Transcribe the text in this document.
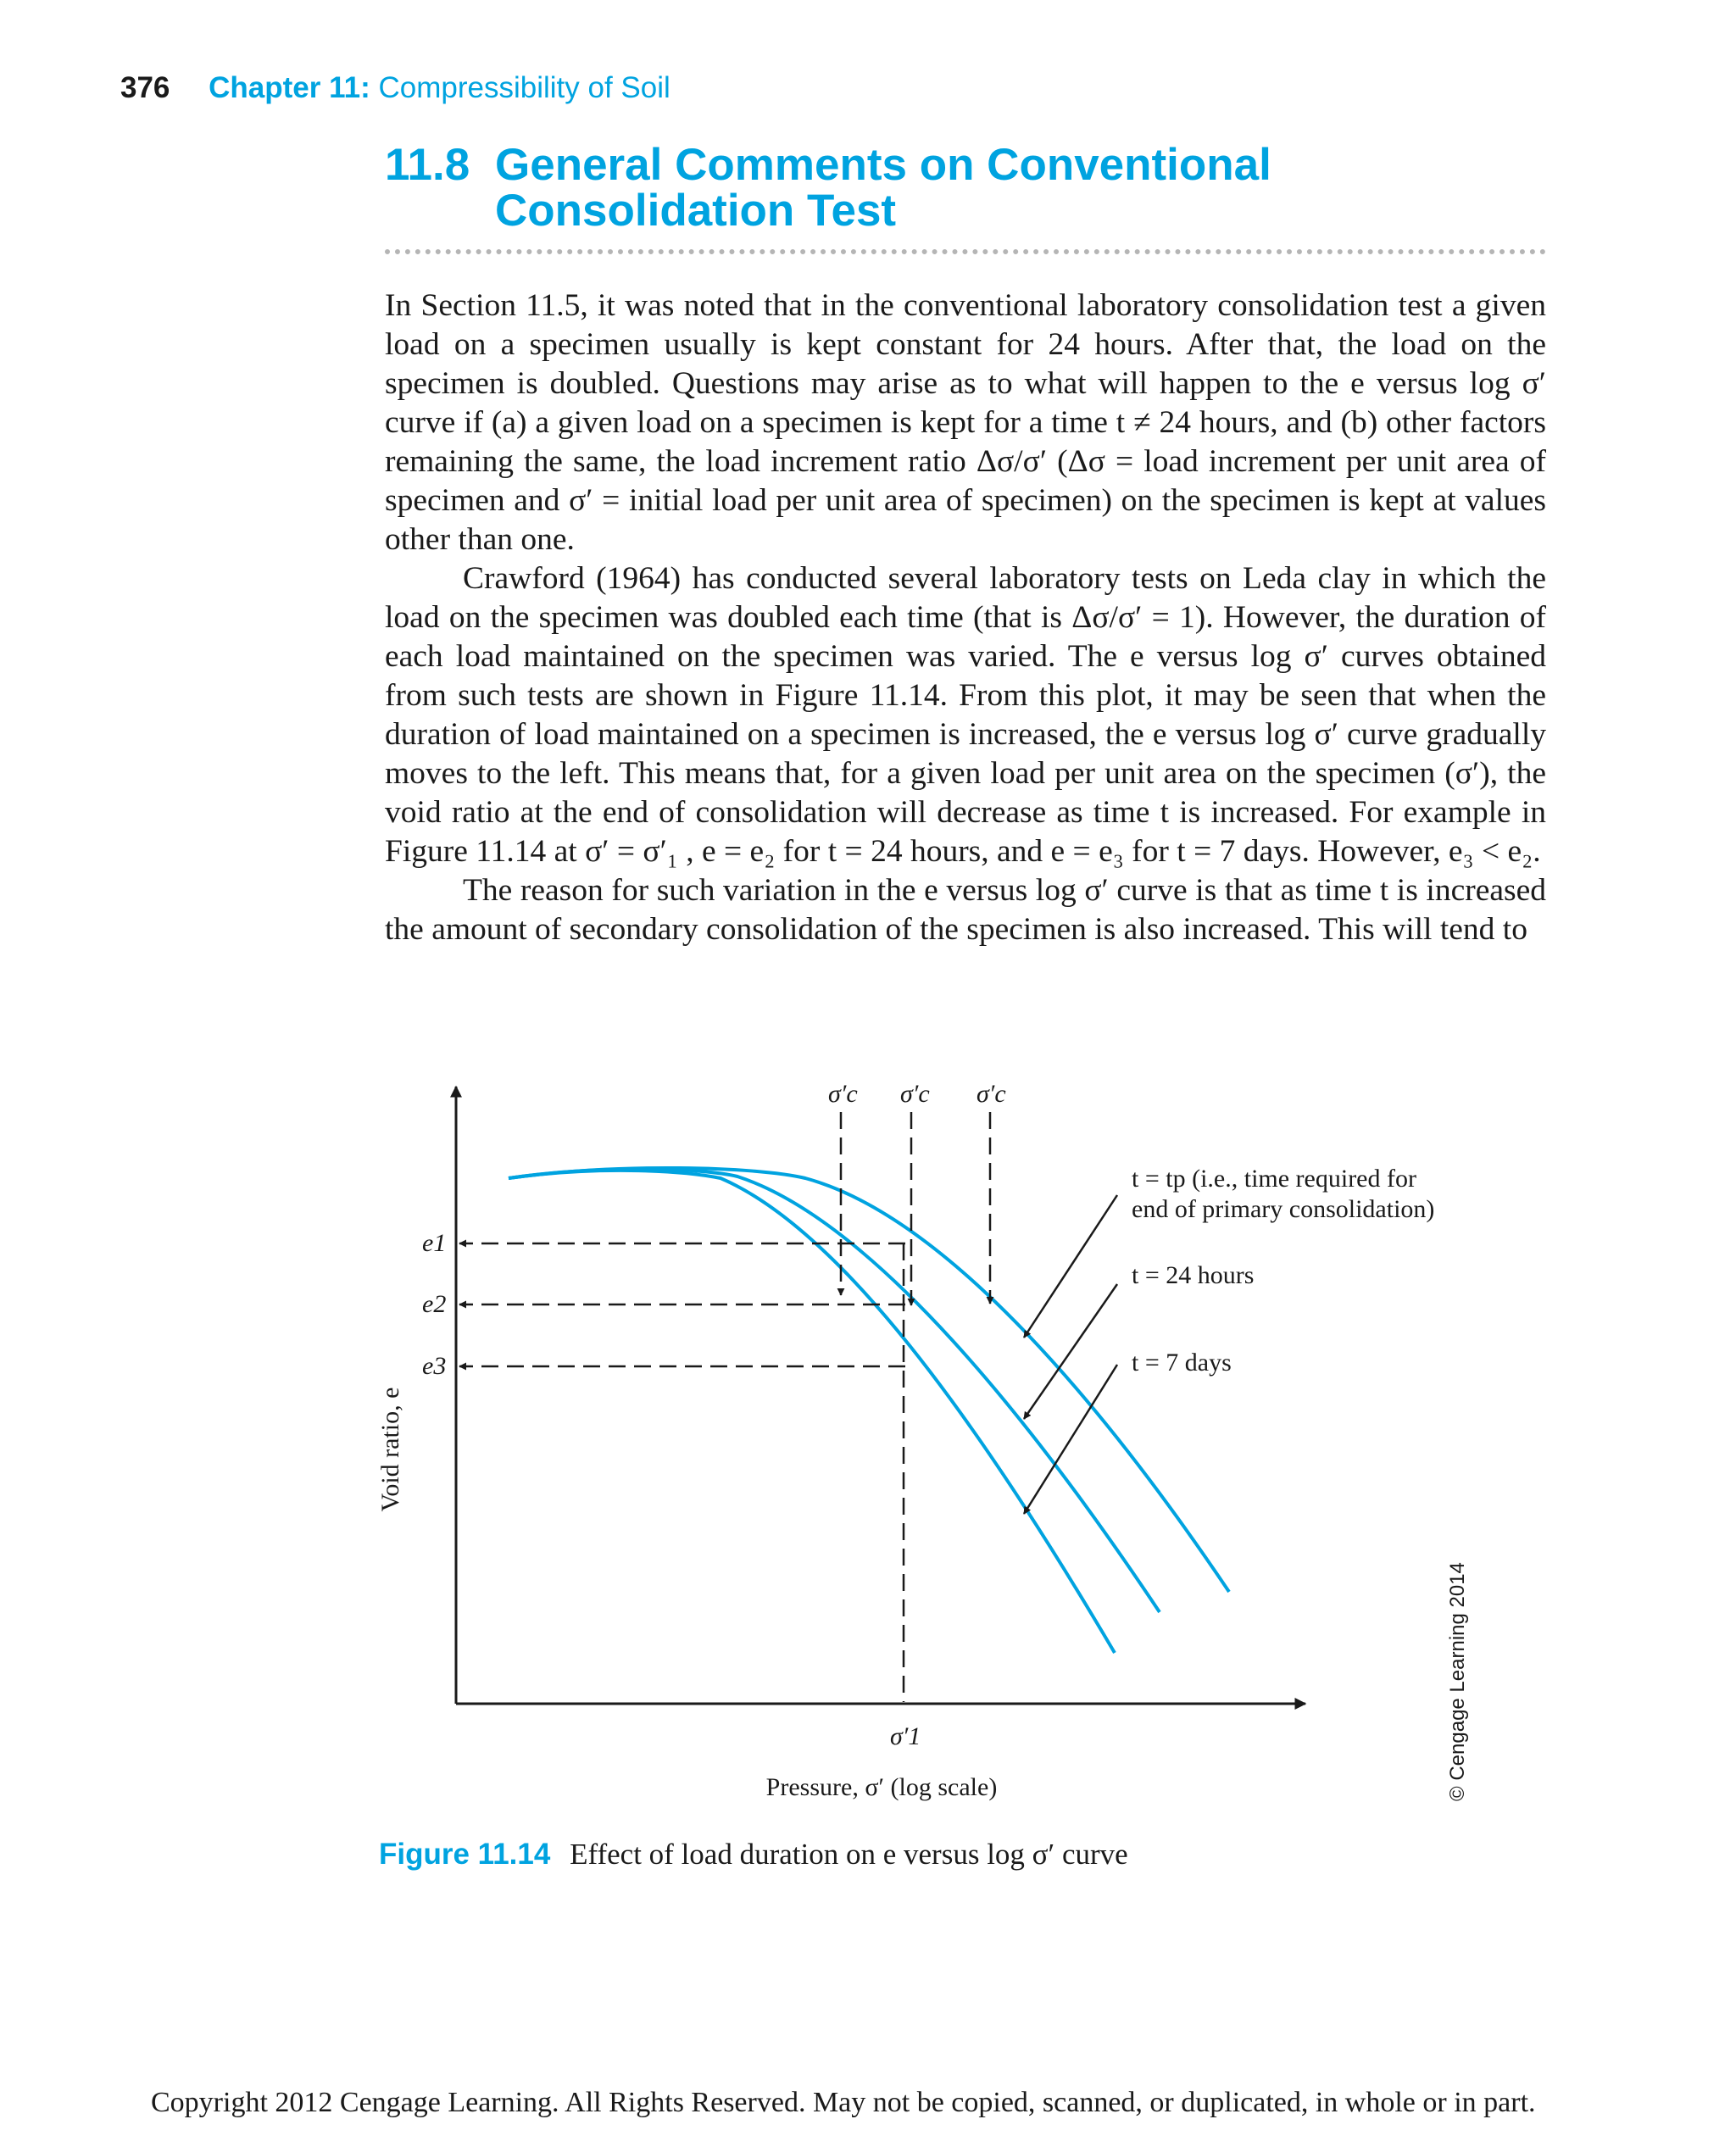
376 Chapter 11: Compressibility of Soil
11.8 General Comments on Conventional
Consolidation Test

In Section 11.5, it was noted that in the conventional laboratory consolidation test a given load on a specimen usually is kept constant for 24 hours. After that, the load on the specimen is doubled. Questions may arise as to what will happen to the e versus log σ′ curve if (a) a given load on a specimen is kept for a time t ≠ 24 hours, and (b) other factors remaining the same, the load increment ratio Δσ/σ′ (Δσ = load increment per unit area of specimen and σ′ = initial load per unit area of specimen) on the specimen is kept at values other than one.

Crawford (1964) has conducted several laboratory tests on Leda clay in which the load on the specimen was doubled each time (that is Δσ/σ′ = 1). However, the duration of each load maintained on the specimen was varied. The e versus log σ′ curves obtained from such tests are shown in Figure 11.14. From this plot, it may be seen that when the duration of load maintained on a specimen is increased, the e versus log σ′ curve gradually moves to the left. This means that, for a given load per unit area on the specimen (σ′), the void ratio at the end of consolidation will decrease as time t is increased. For example in Figure 11.14 at σ′ = σ′₁ , e = e₂ for t = 24 hours, and e = e₃ for t = 7 days. However, e₃ < e₂.

The reason for such variation in the e versus log σ′ curve is that as time t is increased the amount of secondary consolidation of the specimen is also increased. This will tend to

σ′c σ′c σ′c
e1
e2
e3
σ′1
Void ratio, e
Pressure, σ′ (log scale)
t = tp (i.e., time required for
end of primary consolidation)
t = 24 hours
t = 7 days
© Cengage Learning 2014
Figure 11.14 Effect of load duration on e versus log σ′ curve
Copyright 2012 Cengage Learning. All Rights Reserved. May not be copied, scanned, or duplicated, in whole or in part.
